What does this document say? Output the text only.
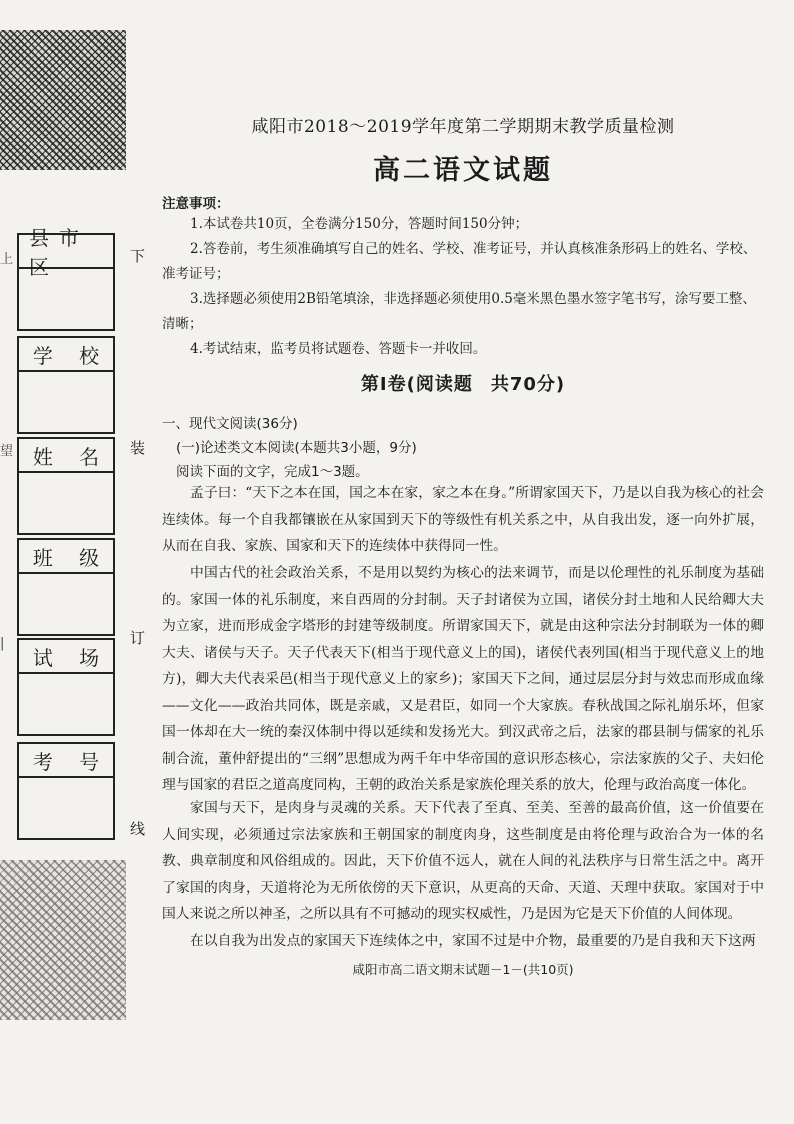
上
望
|
县市区
学 校
姓 名
班 级
试 场
考 号
下
装
订
线
咸阳市2018～2019学年度第二学期期末教学质量检测
高二语文试题
注意事项：
1.本试卷共10页，全卷满分150分，答题时间150分钟；
2.答卷前，考生须准确填写自己的姓名、学校、准考证号，并认真核准条形码上的姓名、学校、准考证号；
3.选择题必须使用2B铅笔填涂，非选择题必须使用0.5毫米黑色墨水签字笔书写，涂写要工整、清晰；
4.考试结束，监考员将试题卷、答题卡一并收回。
第Ⅰ卷(阅读题 共70分)
一、现代文阅读(36分)
(一)论述类文本阅读(本题共3小题，9分)
阅读下面的文字，完成1～3题。
孟子曰：“天下之本在国，国之本在家，家之本在身。”所谓家国天下，乃是以自我为核心的社会连续体。每一个自我都镶嵌在从家国到天下的等级性有机关系之中，从自我出发，逐一向外扩展，从而在自我、家族、国家和天下的连续体中获得同一性。
中国古代的社会政治关系，不是用以契约为核心的法来调节，而是以伦理性的礼乐制度为基础的。家国一体的礼乐制度，来自西周的分封制。天子封诸侯为立国，诸侯分封土地和人民给卿大夫为立家，进而形成金字塔形的封建等级制度。所谓家国天下，就是由这种宗法分封制联为一体的卿大夫、诸侯与天子。天子代表天下(相当于现代意义上的国)，诸侯代表列国(相当于现代意义上的地方)，卿大夫代表采邑(相当于现代意义上的家乡)；家国天下之间，通过层层分封与效忠而形成血缘——文化——政治共同体，既是亲戚，又是君臣，如同一个大家族。春秋战国之际礼崩乐坏，但家国一体却在大一统的秦汉体制中得以延续和发扬光大。到汉武帝之后，法家的郡县制与儒家的礼乐制合流，董仲舒提出的“三纲”思想成为两千年中华帝国的意识形态核心，宗法家族的父子、夫妇伦理与国家的君臣之道高度同构，王朝的政治关系是家族伦理关系的放大，伦理与政治高度一体化。
家国与天下，是肉身与灵魂的关系。天下代表了至真、至美、至善的最高价值，这一价值要在人间实现，必须通过宗法家族和王朝国家的制度肉身，这些制度是由将伦理与政治合为一体的名教、典章制度和风俗组成的。因此，天下价值不远人，就在人间的礼法秩序与日常生活之中。离开了家国的肉身，天道将沦为无所依傍的天下意识，从更高的天命、天道、天理中获取。家国对于中国人来说之所以神圣，之所以具有不可撼动的现实权威性，乃是因为它是天下价值的人间体现。
在以自我为出发点的家国天下连续体之中，家国不过是中介物，最重要的乃是自我和天下这两
咸阳市高二语文期末试题－1－(共10页)
